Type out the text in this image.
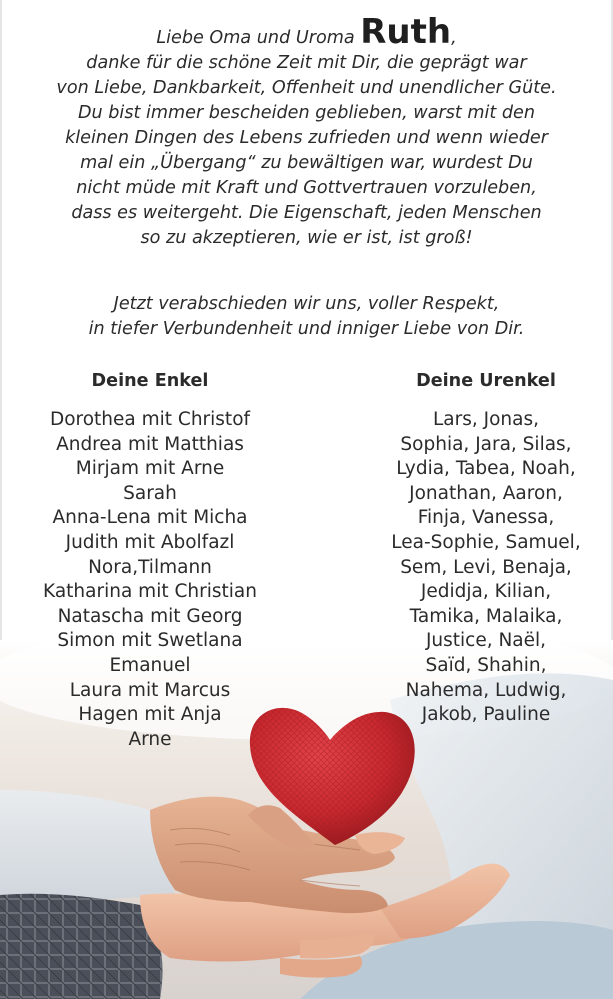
Liebe Oma und Uroma Ruth,
danke für die schöne Zeit mit Dir, die geprägt war
von Liebe, Dankbarkeit, Offenheit und unendlicher Güte.
Du bist immer bescheiden geblieben, warst mit den
kleinen Dingen des Lebens zufrieden und wenn wieder
mal ein „Übergang“ zu bewältigen war, wurdest Du
nicht müde mit Kraft und Gottvertrauen vorzuleben,
dass es weitergeht. Die Eigenschaft, jeden Menschen
so zu akzeptieren, wie er ist, ist groß!
Jetzt verabschieden wir uns, voller Respekt,
in tiefer Verbundenheit und inniger Liebe von Dir.
Deine Enkel	Deine Urenkel
Dorothea mit Christof
Andrea mit Matthias
Mirjam mit Arne
Sarah
Anna-Lena mit Micha
Judith mit Abolfazl
Nora,Tilmann
Katharina mit Christian
Natascha mit Georg
Simon mit Swetlana
Emanuel
Laura mit Marcus
Hagen mit Anja
Arne
Lars, Jonas,
Sophia, Jara, Silas,
Lydia, Tabea, Noah,
Jonathan, Aaron,
Finja, Vanessa,
Lea-Sophie, Samuel,
Sem, Levi, Benaja,
Jedidja, Kilian,
Tamika, Malaika,
Justice, Naël,
Saïd, Shahin,
Nahema, Ludwig,
Jakob, Pauline
